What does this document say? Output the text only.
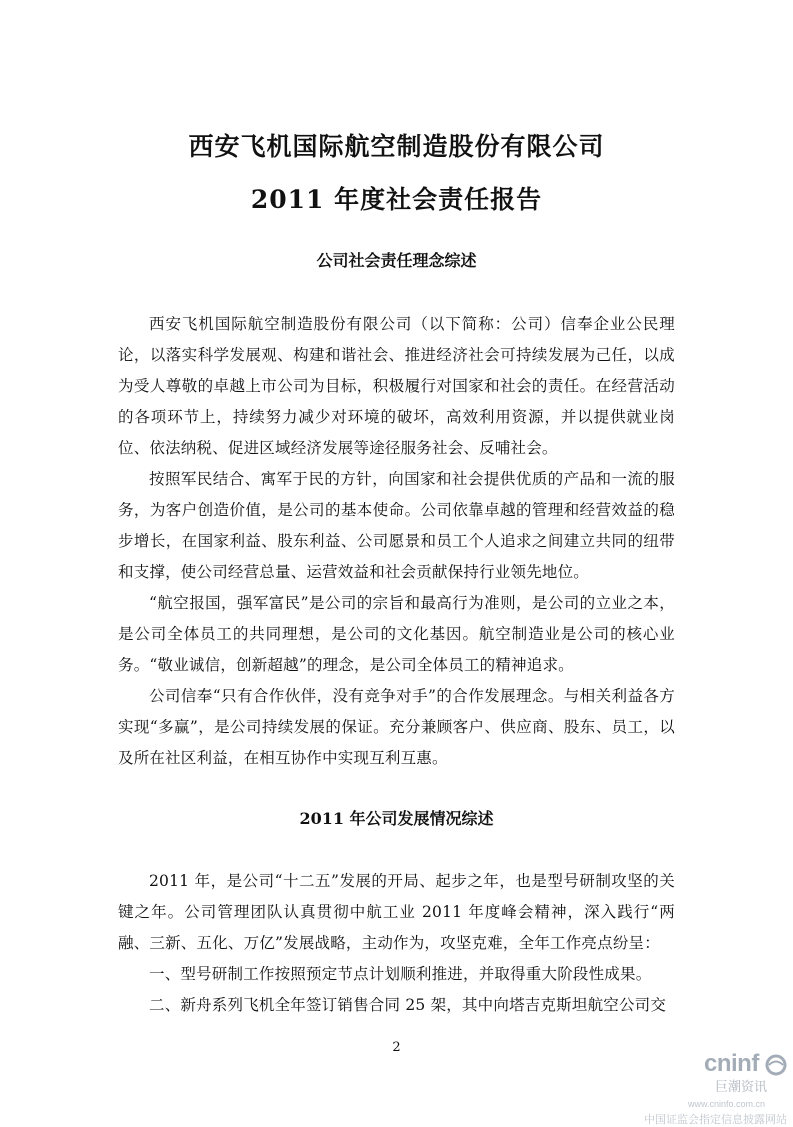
西安飞机国际航空制造股份有限公司
2011 年度社会责任报告
公司社会责任理念综述

西安飞机国际航空制造股份有限公司（以下简称：公司）信奉企业公民理论，以落实科学发展观、构建和谐社会、推进经济社会可持续发展为己任，以成为受人尊敬的卓越上市公司为目标，积极履行对国家和社会的责任。在经营活动的各项环节上，持续努力减少对环境的破坏，高效利用资源，并以提供就业岗位、依法纳税、促进区域经济发展等途径服务社会、反哺社会。

按照军民结合、寓军于民的方针，向国家和社会提供优质的产品和一流的服务，为客户创造价值，是公司的基本使命。公司依靠卓越的管理和经营效益的稳步增长，在国家利益、股东利益、公司愿景和员工个人追求之间建立共同的纽带和支撑，使公司经营总量、运营效益和社会贡献保持行业领先地位。

“航空报国，强军富民”是公司的宗旨和最高行为准则，是公司的立业之本，是公司全体员工的共同理想，是公司的文化基因。航空制造业是公司的核心业务。“敬业诚信，创新超越”的理念，是公司全体员工的精神追求。

公司信奉“只有合作伙伴，没有竞争对手”的合作发展理念。与相关利益各方实现“多赢”，是公司持续发展的保证。充分兼顾客户、供应商、股东、员工，以及所在社区利益，在相互协作中实现互利互惠。

2011 年公司发展情况综述

2011 年，是公司“十二五”发展的开局、起步之年，也是型号研制攻坚的关键之年。公司管理团队认真贯彻中航工业 2011 年度峰会精神，深入践行“两融、三新、五化、万亿”发展战略，主动作为，攻坚克难，全年工作亮点纷呈：

一、型号研制工作按照预定节点计划顺利推进，并取得重大阶段性成果。

二、新舟系列飞机全年签订销售合同 25 架，其中向塔吉克斯坦航空公司交

2

cninf
巨潮资讯
www.cninfo.com.cn
中国证监会指定信息披露网站
